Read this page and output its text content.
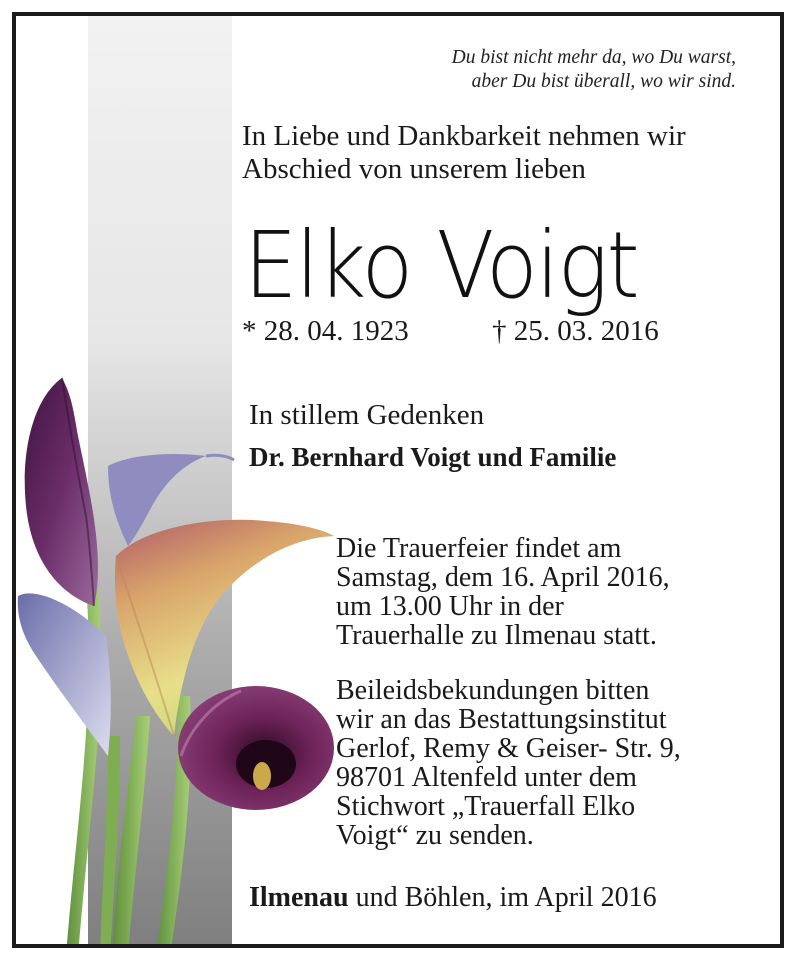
Du bist nicht mehr da, wo Du warst,
aber Du bist überall, wo wir sind.
In Liebe und Dankbarkeit nehmen wir
Abschied von unserem lieben
Elko Voigt
* 28. 04. 1923	† 25. 03. 2016
In stillem Gedenken
Dr. Bernhard Voigt und Familie
Die Trauerfeier findet am
Samstag, dem 16. April 2016,
um 13.00 Uhr in der
Trauerhalle zu Ilmenau statt.
Beileidsbekundungen bitten
wir an das Bestattungsinstitut
Gerlof, Remy & Geiser- Str. 9,
98701 Altenfeld unter dem
Stichwort „Trauerfall Elko
Voigt“ zu senden.
Ilmenau und Böhlen, im April 2016
